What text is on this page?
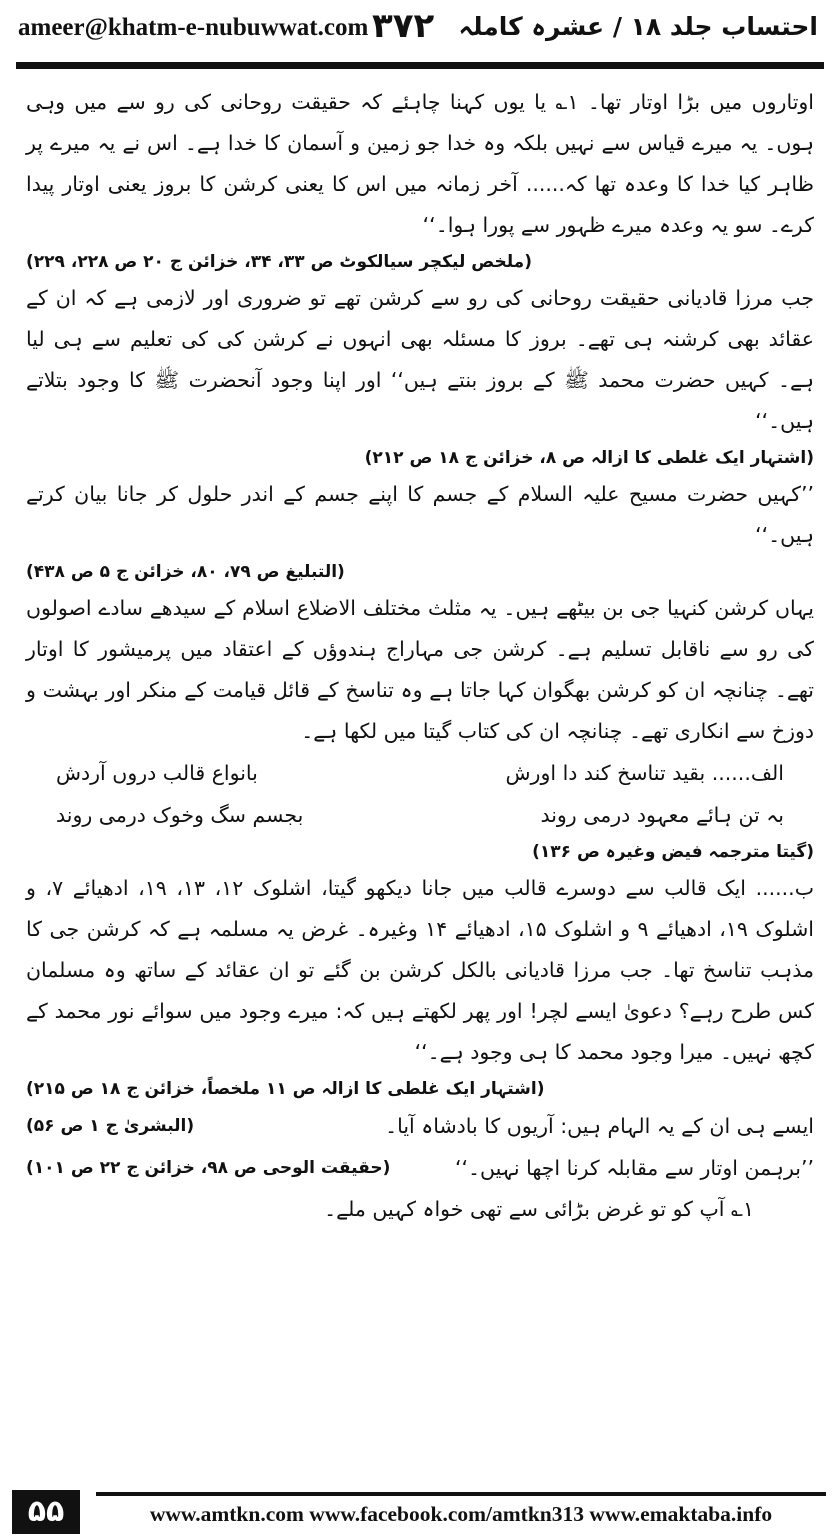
ameer@khatm-e-nubuwwat.com ۳۷۲ احتساب جلد ۱۸ / عشرہ کاملہ

اوتاروں میں بڑا اوتار تھا۔ ۱؎ یا یوں کہنا چاہئے کہ حقیقت روحانی کی رو سے میں وہی ہوں۔ یہ میرے قیاس سے نہیں بلکہ وہ خدا جو زمین و آسمان کا خدا ہے۔ اس نے یہ میرے پر ظاہر کیا خدا کا وعدہ تھا کہ...... آخر زمانہ میں اس کا یعنی کرشن کا بروز یعنی اوتار پیدا کرے۔ سو یہ وعدہ میرے ظہور سے پورا ہوا۔‘‘

(ملخص لیکچر سیالکوٹ ص ۳۳، ۳۴، خزائن ج ۲۰ ص ۲۲۸، ۲۲۹)

جب مرزا قادیانی حقیقت روحانی کی رو سے کرشن تھے تو ضروری اور لازمی ہے کہ ان کے عقائد بھی کرشنہ ہی تھے۔ بروز کا مسئلہ بھی انہوں نے کرشن کی کی تعلیم سے ہی لیا ہے۔ کہیں حضرت محمد ﷺ کے بروز بنتے ہیں‘‘ اور اپنا وجود آنحضرت ﷺ کا وجود بتلاتے ہیں۔‘‘

(اشتہار ایک غلطی کا ازالہ ص ۸، خزائن ج ۱۸ ص ۲۱۲)

’’کہیں حضرت مسیح علیہ السلام کے جسم کا اپنے جسم کے اندر حلول کر جانا بیان کرتے ہیں۔‘‘

(التبلیغ ص ۷۹، ۸۰، خزائن ج ۵ ص ۴۳۸)

یہاں کرشن کنہیا جی بن بیٹھے ہیں۔ یہ مثلث مختلف الاضلاع اسلام کے سیدھے سادے اصولوں کی رو سے ناقابل تسلیم ہے۔ کرشن جی مہاراج ہندوؤں کے اعتقاد میں پرمیشور کا اوتار تھے۔ چنانچہ ان کو کرشن بھگوان کہا جاتا ہے وہ تناسخ کے قائل قیامت کے منکر اور بہشت و دوزخ سے انکاری تھے۔ چنانچہ ان کی کتاب گیتا میں لکھا ہے۔

الف...... بقید تناسخ کند دا اورش
بانواع قالب دروں آردش
بہ تن ہائے معہود درمی روند
بجسم سگ وخوک درمی روند
(گیتا مترجمہ فیض وغیرہ ص ۱۳۶)

ب...... ایک قالب سے دوسرے قالب میں جانا دیکھو گیتا، اشلوک ۱۲، ۱۳، ۱۹، ادھیائے ۷، و اشلوک ۱۹، ادھیائے ۹ و اشلوک ۱۵، ادھیائے ۱۴ وغیرہ۔ غرض یہ مسلمہ ہے کہ کرشن جی کا مذہب تناسخ تھا۔ جب مرزا قادیانی بالکل کرشن بن گئے تو ان عقائد کے ساتھ وہ مسلمان کس طرح رہے؟ دعویٰ ایسے لچر! اور پھر لکھتے ہیں کہ: میرے وجود میں سوائے نور محمد کے کچھ نہیں۔ میرا وجود محمد کا ہی وجود ہے۔‘‘

(اشتہار ایک غلطی کا ازالہ ص ۱۱ ملخصاً، خزائن ج ۱۸ ص ۲۱۵)
ایسے ہی ان کے یہ الہام ہیں: آریوں کا بادشاہ آیا۔
(البشریٰ ج ۱ ص ۵۶)
’’برہمن اوتار سے مقابلہ کرنا اچھا نہیں۔‘‘
(حقیقت الوحی ص ۹۸، خزائن ج ۲۲ ص ۱۰۱)

۱؎ آپ کو تو غرض بڑائی سے تھی خواہ کہیں ملے۔

۵۵	www.amtkn.com www.facebook.com/amtkn313 www.emaktaba.info
